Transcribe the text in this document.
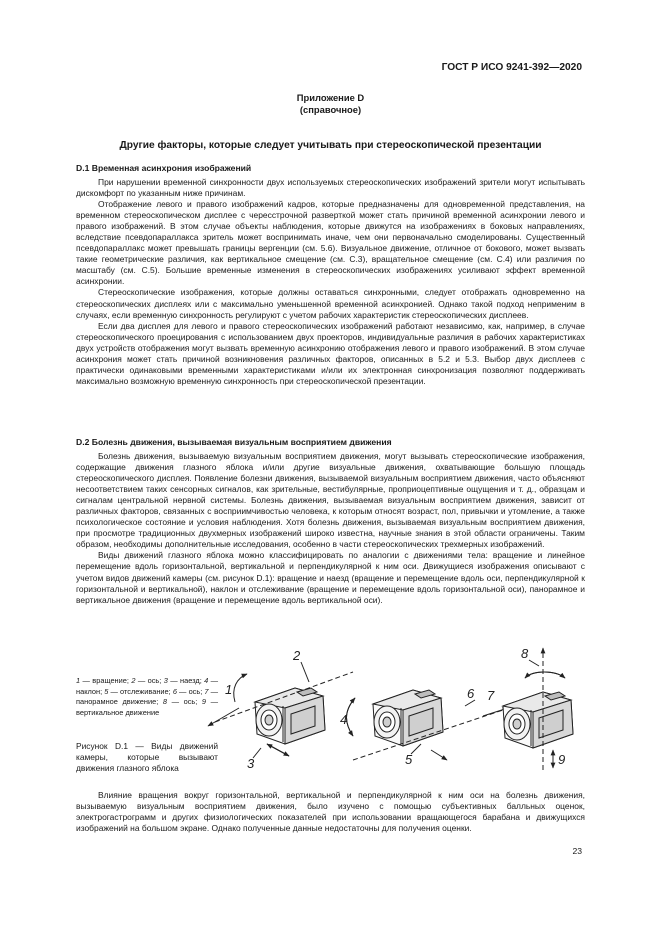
ГОСТ Р ИСО 9241-392—2020
Приложение D
(справочное)
Другие факторы, которые следует учитывать при стереоскопической презентации
D.1 Временная асинхрония изображений

При нарушении временной синхронности двух используемых стереоскопических изображений зрители могут испытывать дискомфорт по указанным ниже причинам.

Отображение левого и правого изображений кадров, которые предназначены для одновременной представления, на временном стереоскопическом дисплее с чересстрочной разверткой может стать причиной временной асинхронии левого и правого изображений. В этом случае объекты наблюдения, которые движутся на изображениях в боковых направлениях, вследствие псевдопараллакса зритель может воспринимать иначе, чем они первоначально смоделированы. Существенный псевдопараллакс может превышать границы вергенции (см. 5.6). Визуальное движение, отличное от бокового, может вызвать такие геометрические различия, как вертикальное смещение (см. С.3), вращательное смещение (см. С.4) или различия по масштабу (см. С.5). Большие временные изменения в стереоскопических изображениях усиливают эффект временной асинхронии.

Стереоскопические изображения, которые должны оставаться синхронными, следует отображать одновременно на стереоскопических дисплеях или с максимально уменьшенной временной асинхронией. Однако такой подход неприменим в случаях, если временную синхронность регулируют с учетом рабочих характеристик стереоскопических дисплеев.

Если два дисплея для левого и правого стереоскопических изображений работают независимо, как, например, в случае стереоскопического проецирования с использованием двух проекторов, индивидуальные различия в рабочих характеристиках двух устройств отображения могут вызвать временную асинхронию отображения левого и правого изображений. В этом случае асинхрония может стать причиной возникновения различных факторов, описанных в 5.2 и 5.3. Выбор двух дисплеев с практически одинаковыми временными характеристиками и/или их электронная синхронизация позволяют поддерживать максимально возможную временную синхронность при стереоскопической презентации.

D.2 Болезнь движения, вызываемая визуальным восприятием движения

Болезнь движения, вызываемую визуальным восприятием движения, могут вызывать стереоскопические изображения, содержащие движения глазного яблока и/или другие визуальные движения, охватывающие большую площадь стереоскопического дисплея. Появление болезни движения, вызываемой визуальным восприятием движения, часто объясняют несоответствием таких сенсорных сигналов, как зрительные, вестибулярные, проприоцептивные ощущения и т. д., образцам и сигналам центральной нервной системы. Болезнь движения, вызываемая визуальным восприятием движения, зависит от различных факторов, связанных с восприимчивостью человека, к которым относят возраст, пол, привычки и утомление, а также психологическое состояние и условия наблюдения. Хотя болезнь движения, вызываемая визуальным восприятием движения, при просмотре традиционных двухмерных изображений широко известна, научные знания в этой области ограничены. Таким образом, необходимы дополнительные исследования, особенно в части стереоскопических трехмерных изображений.

Виды движений глазного яблока можно классифицировать по аналогии с движениями тела: вращение и линейное перемещение вдоль горизонтальной, вертикальной и перпендикулярной к ним оси. Движущиеся изображения описывают с учетом видов движений камеры (см. рисунок D.1): вращение и наезд (вращение и перемещение вдоль оси, перпендикулярной к горизонтальной и вертикальной), наклон и отслеживание (вращение и перемещение вдоль горизонтальной оси), панорамное и вертикальное движения (вращение и перемещение вдоль вертикальной оси).

1 — вращение; 2 — ось; 3 — наезд; 4 — наклон; 5 — отслеживание; 6 — ось; 7 — панорамное движение; 8 — ось; 9 — вертикальное движение
Рисунок D.1 — Виды движений камеры, которые вызывают движения глазного яблока
1
2
3
4
5
6 7
8
9

Влияние вращения вокруг горизонтальной, вертикальной и перпендикулярной к ним оси на болезнь движения, вызываемую визуальным восприятием движения, было изучено с помощью субъективных балльных оценок, электрогастрограмм и других физиологических показателей при использовании вращающегося барабана и движущихся изображений на большом экране. Однако полученные данные недостаточны для получения оценки.

23
